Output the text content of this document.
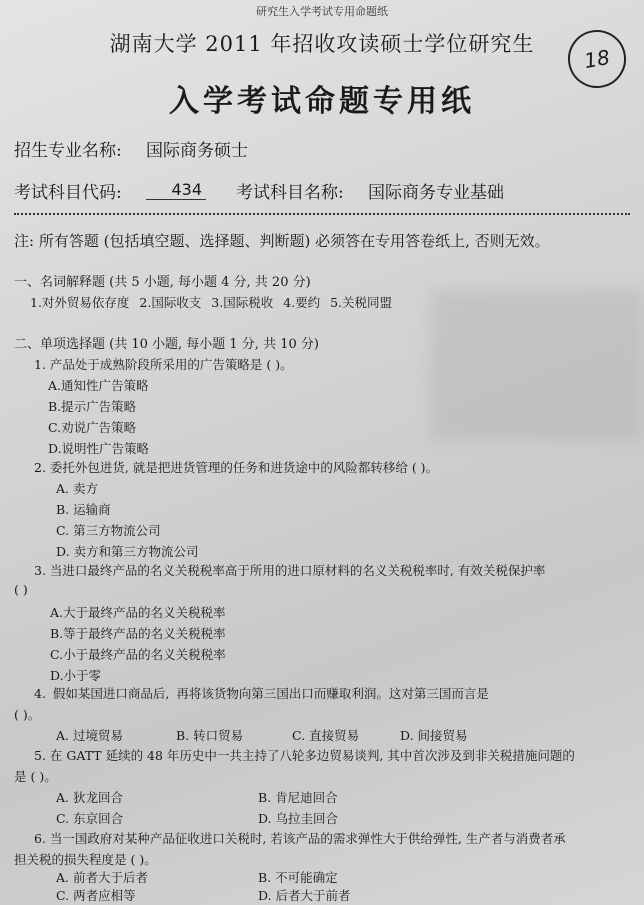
研究生入学考试专用命题纸
湖南大学 2011 年招收攻读硕士学位研究生
入学考试命题专用纸
18
招生专业名称: 国际商务硕士
考试科目代码:	434 考试科目名称: 国际商务专业基础
注: 所有答题 (包括填空题、选择题、判断题) 必须答在专用答卷纸上, 否则无效。
一、名词解释题 (共 5 小题, 每小题 4 分, 共 20 分)
1.对外贸易依存度 2.国际收支 3.国际税收 4.要约 5.关税同盟
二、单项选择题 (共 10 小题, 每小题 1 分, 共 10 分)
1. 产品处于成熟阶段所采用的广告策略是 ( )。
A.通知性广告策略
B.提示广告策略
C.劝说广告策略
D.说明性广告策略
2. 委托外包进货, 就是把进货管理的任务和进货途中的风险都转移给 ( )。
A. 卖方
B. 运输商
C. 第三方物流公司
D. 卖方和第三方物流公司
3. 当进口最终产品的名义关税税率高于所用的进口原材料的名义关税税率时, 有效关税保护率
( )
A.大于最终产品的名义关税税率
B.等于最终产品的名义关税税率
C.小于最终产品的名义关税税率
D.小于零
4. 假如某国进口商品后, 再将该货物向第三国出口而赚取利润。这对第三国而言是
( )。
A. 过境贸易	B. 转口贸易	C. 直接贸易	D. 间接贸易
5. 在 GATT 延续的 48 年历史中一共主持了八轮多边贸易谈判, 其中首次涉及到非关税措施问题的
是 ( )。
A. 狄龙回合	B. 肯尼迪回合
C. 东京回合	D. 乌拉圭回合
6. 当一国政府对某种产品征收进口关税时, 若该产品的需求弹性大于供给弹性, 生产者与消费者承
担关税的损失程度是 ( )。
A. 前者大于后者	B. 不可能确定
C. 两者应相等	D. 后者大于前者
